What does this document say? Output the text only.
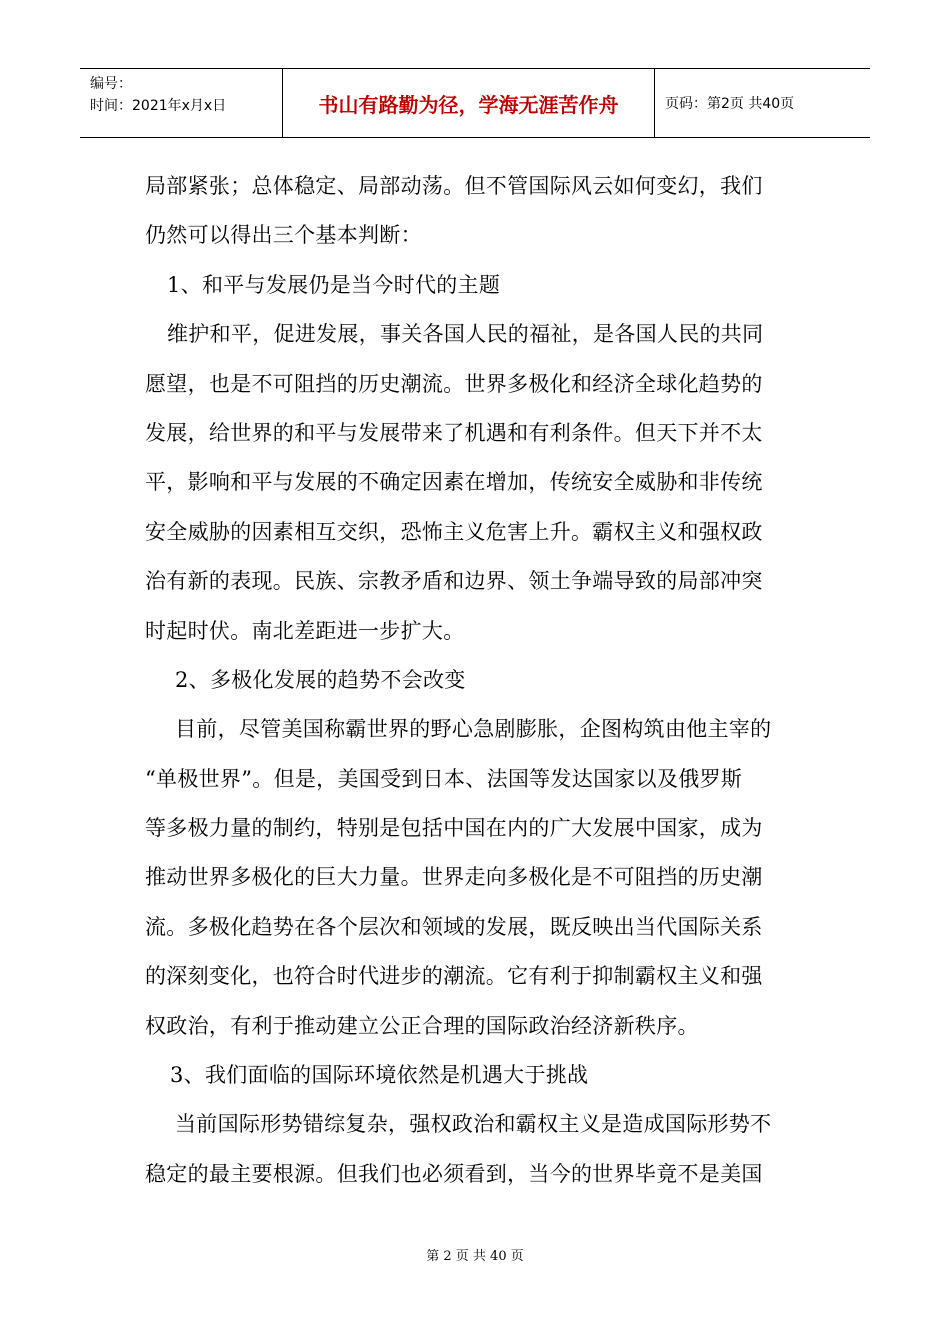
编号：
时间：2021年x月x日	书山有路勤为径，学海无涯苦作舟	页码：第2页 共40页
局部紧张；总体稳定、局部动荡。但不管国际风云如何变幻，我们
仍然可以得出三个基本判断：
1、和平与发展仍是当今时代的主题
维护和平，促进发展，事关各国人民的福祉，是各国人民的共同
愿望，也是不可阻挡的历史潮流。世界多极化和经济全球化趋势的
发展，给世界的和平与发展带来了机遇和有利条件。但天下并不太
平，影响和平与发展的不确定因素在增加，传统安全威胁和非传统
安全威胁的因素相互交织，恐怖主义危害上升。霸权主义和强权政
治有新的表现。民族、宗教矛盾和边界、领土争端导致的局部冲突
时起时伏。南北差距进一步扩大。
2、多极化发展的趋势不会改变
目前，尽管美国称霸世界的野心急剧膨胀，企图构筑由他主宰的
“单极世界”。但是，美国受到日本、法国等发达国家以及俄罗斯
等多极力量的制约，特别是包括中国在内的广大发展中国家，成为
推动世界多极化的巨大力量。世界走向多极化是不可阻挡的历史潮
流。多极化趋势在各个层次和领域的发展，既反映出当代国际关系
的深刻变化，也符合时代进步的潮流。它有利于抑制霸权主义和强
权政治，有利于推动建立公正合理的国际政治经济新秩序。
3、我们面临的国际环境依然是机遇大于挑战
当前国际形势错综复杂，强权政治和霸权主义是造成国际形势不
稳定的最主要根源。但我们也必须看到，当今的世界毕竟不是美国
第 2 页 共 40 页
